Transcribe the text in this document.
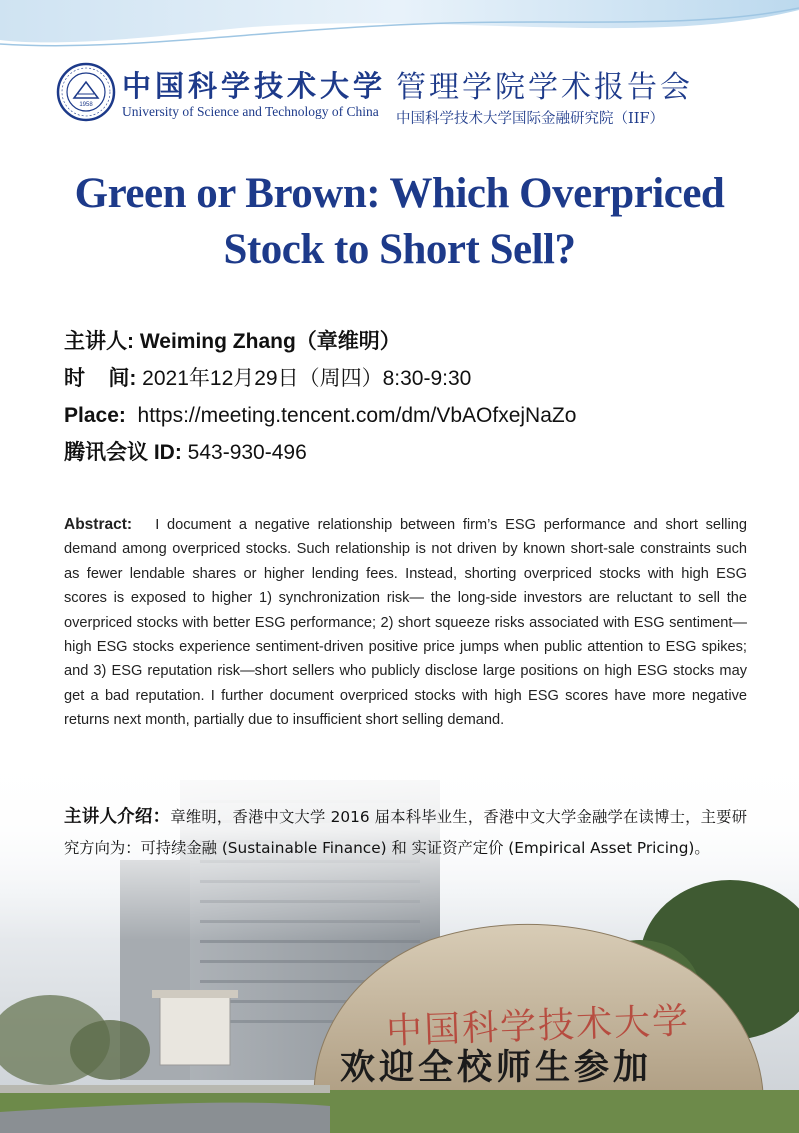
1958
中国科学技术大学
University of Science and Technology of China
管理学院学术报告会
中国科学技术大学国际金融研究院（IIF）
Green or Brown: Which Overpriced
Stock to Short Sell?
主讲人: Weiming Zhang（章维明）
时    间: 2021年12月29日（周四）8:30-9:30
Place:  https://meeting.tencent.com/dm/VbAOfxejNaZo
腾讯会议 ID: 543-930-496
Abstract: I document a negative relationship between firm’s ESG performance and short selling demand among overpriced stocks. Such relationship is not driven by known short-sale constraints such as fewer lendable shares or higher lending fees. Instead, shorting overpriced stocks with high ESG scores is exposed to higher 1) synchronization risk— the long-side investors are reluctant to sell the overpriced stocks with better ESG performance; 2) short squeeze risks associated with ESG sentiment—high ESG stocks experience sentiment-driven positive price jumps when public attention to ESG spikes; and 3) ESG reputation risk—short sellers who publicly disclose large positions on high ESG stocks may get a bad reputation. I further document overpriced stocks with high ESG scores have more negative returns next month, partially due to insufficient short selling demand.
主讲人介绍：章维明，香港中文大学 2016 届本科毕业生，香港中文大学金融学在读博士，主要研究方向为：可持续金融 (Sustainable Finance) 和 实证资产定价 (Empirical Asset Pricing)。
中国科学技术大学
欢迎全校师生参加
